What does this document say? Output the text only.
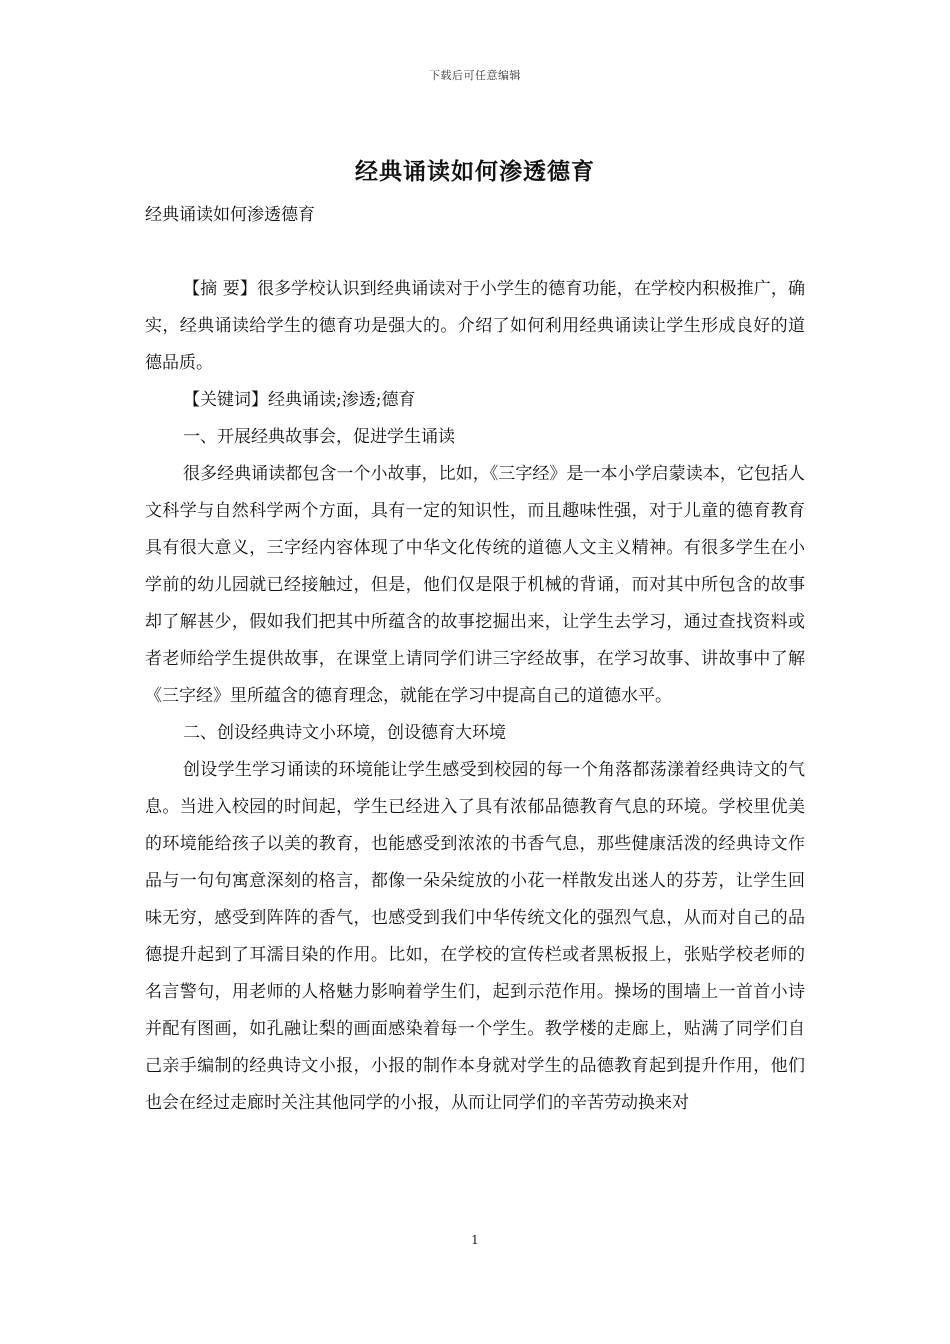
下载后可任意编辑
经典诵读如何渗透德育

经典诵读如何渗透德育

【摘 要】很多学校认识到经典诵读对于小学生的德育功能，在学校内积极推广，确实，经典诵读给学生的德育功是强大的。介绍了如何利用经典诵读让学生形成良好的道德品质。

【关键词】经典诵读;渗透;德育

一、开展经典故事会，促进学生诵读

很多经典诵读都包含一个小故事，比如，《三字经》是一本小学启蒙读本，它包括人文科学与自然科学两个方面，具有一定的知识性，而且趣味性强，对于儿童的德育教育具有很大意义，三字经内容体现了中华文化传统的道德人文主义精神。有很多学生在小学前的幼儿园就已经接触过，但是，他们仅是限于机械的背诵，而对其中所包含的故事却了解甚少，假如我们把其中所蕴含的故事挖掘出来，让学生去学习，通过查找资料或者老师给学生提供故事，在课堂上请同学们讲三字经故事，在学习故事、讲故事中了解《三字经》里所蕴含的德育理念，就能在学习中提高自己的道德水平。

二、创设经典诗文小环境，创设德育大环境

创设学生学习诵读的环境能让学生感受到校园的每一个角落都荡漾着经典诗文的气息。当进入校园的时间起，学生已经进入了具有浓郁品德教育气息的环境。学校里优美的环境能给孩子以美的教育，也能感受到浓浓的书香气息，那些健康活泼的经典诗文作品与一句句寓意深刻的格言，都像一朵朵绽放的小花一样散发出迷人的芬芳，让学生回味无穷，感受到阵阵的香气，也感受到我们中华传统文化的强烈气息，从而对自己的品德提升起到了耳濡目染的作用。比如，在学校的宣传栏或者黑板报上，张贴学校老师的名言警句，用老师的人格魅力影响着学生们，起到示范作用。操场的围墙上一首首小诗并配有图画，如孔融让梨的画面感染着每一个学生。教学楼的走廊上，贴满了同学们自己亲手编制的经典诗文小报，小报的制作本身就对学生的品德教育起到提升作用，他们也会在经过走廊时关注其他同学的小报，从而让同学们的辛苦劳动换来对

1
